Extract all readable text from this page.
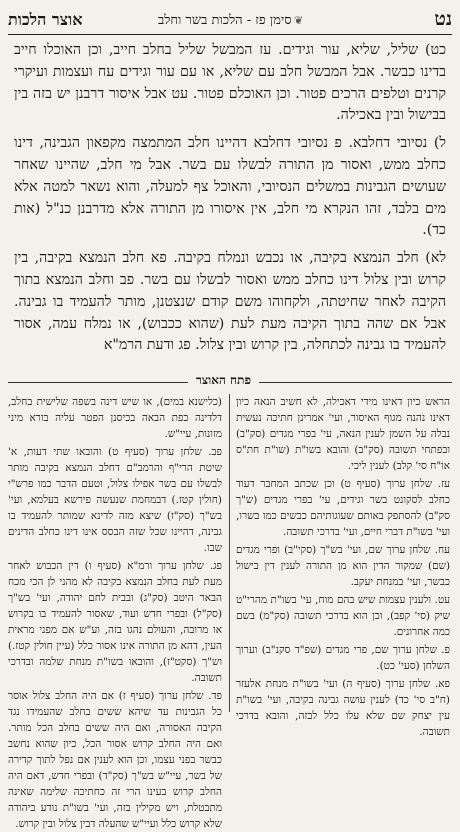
נט
❦
סימן פז - הלכות בשר וחלב
אוצר הלכות

כט) שליל, שליא, עור וגידים. עז המבשל שליל בחלב חייב, וכן האוכלו חייב בדינו כבשר. אבל המבשל חלב עם שליא, או עם עור וגידים עח ועצמות ועיקרי קרנים וטלפים הרכים פטור. וכן האוכלם פטור. עט אבל איסור דרבנן יש בזה בין בבישול ובין באכילה.

ל) נסיובי דחלבא. פ נסיובי דחלבא דהיינו חלב המתמצה מקפאון הגבינה, דינו כחלב ממש, ואסור מן התורה לבשלו עם בשר. אבל מי חלב, שהיינו שאחר שעושים הגבינות במשלים הנסיובי, והאוכל צף למעלה, והוא נשאר למטה אלא מים בלבד, זהו הנקרא מי חלב, אין איסורו מן התורה אלא מדרבנן כנ"ל (אות כד).

לא) חלב הנמצא בקיבה, או נכבש ונמלח בקיבה. פא חלב הנמצא בקיבה, בין קרוש ובין צלול דינו כחלב ממש ואסור לבשלו עם בשר. פב וחלב הנמצא בתוך הקיבה לאחר שחיטתה, ולקחוהו משם קודם שנצטנן, מותר להעמיד בו גבינה. אבל אם שהה בתוך הקיבה מעת לעת (שהוא ככבוש), או נמלח עמה, אסור להעמיד בו גבינה לכתחלה, בין קרוש ובין צלול. פג ודעת הרמ"א

פתח האוצר

הראש כיון דאינו מידי דאכילה, לא חשיב הנאה כיון דאינו נהנה מגוף האיסור, ועי' אמרינן חתיכה נעשית נבלה על השמן לענין הנאה, עי' בפרי מגדים (סק"ב) ובפתחי תשובה (סק"ב) והובא בשו"ת (שו"ת חת"ס או"ח סי' קלב) לענין ליכי.

עז. שלחן ערוך (סעיף ט) וכן שכתב המחבר דעוד כחלב לסקונט בשר וגידים, עי' בפרי מגדים (ש"ך סק"ב) להסתפק באותם שעוגותיהם כבשים כמו בשרו, ועי' בשו"ת דברי חיים, ועי' בדרכי תשובה.

עח. שלחן ערוך שם, ועי' בש"ך (סקי"ב) ופרי מגדים (שם) שמקור הדין הוא מן התורה לענין דין בישול כבשר, ועי' במנחת יעקב.

עט. ולענין עצמות שיש בהם מוח, עי' בשו"ת מהרי"ט שיק (סי' קפב), וכן הוא בדרכי תשובה (סק"מ) בשם כמה אחרונים.

פ. שלחן ערוך שם, פרי מגדים (שפ"ד סקנ"ב) וערוך השלחן (סעי' כט).

פא. שלחן ערוך (סעיף ה) ועי' בשו"ת מנחת אלעזר (ח"ב סי' כד) לענין עושה גבינה בקיבה, ועי' בשו"ת עין יצחק שם שלא עלו כלל לבזה, והובא בדרכי תשובה.

(כלישנא במים), או שיש דינה בשפה שלישית בחלב, דלדינה כפת הבאה בכיסנן הפטר עליה בורא מיני מזונות, עיי"ש.

פב. שלחן ערוך (סעיף ט) והובאו שתי דעות, א' שיטת הרי"ף והרמב"ם דחלב הנמצא בקיבה מותר לבשלו עם בשר אפילו צלול, וטעם הדבר כמו פרש"י (חולין קטז.) דבמחמת שנעשה פירשא בעלמא, ועי' בש"ך (סק"ז) שיצא מזה לדינא שמותר להעמיד בו גבינה, דהיינו שכל שזה הבסס אינו דינו כחלב הדינים שבו.

פג. שלחן ערוך ורמ"א (סעיף ו) דין הכבוש לאחר מעת לעת בחלב הנמצא בקיבה לא מהני לן הכי מכח הבאר היטב (סק"ג) ובבית לחם יהודה, ועי' בש"ך (סק"ל) ובפרי חדש ועוד, שאסור להעמיד בו בקרוש או מרובה, והעולם נהגו בזה, וע"ש אם מפני מראית העין, דהא מן התורה אינו אסור כלל (עיין חולין קטז.) וש"ך (סקט"ז), והובאו בשו"ת מנחת שלמה ובדרכי תשובה.

פד. שלחן ערוך (סעיף ז) אם היה החלב צלול אוסר כל הגבינות עד שיהא ששים בחלב שהעמידו נגד הקיבה האסורה, ואם היה ששים בחלב הכל מותר. ואם היה החלב קרוש אסור הכל, כיון שהוא נחשב כבשר בפני עצמו, וכן הוא לענין אם נפל לתוך קדירה של בשר, עיי"ש בש"ך (סק"ד) ובפרי חדש, דאם היה החלב קרוש בעינו הרי זה כחתיכה שלימה שאינה מתבטלת, ויש מקילין בזה, ועי' בשו"ת נודע ביהודה שלא קרוש כלל ועיי"ש שהעלה דבין צלול ובין קרוש.
